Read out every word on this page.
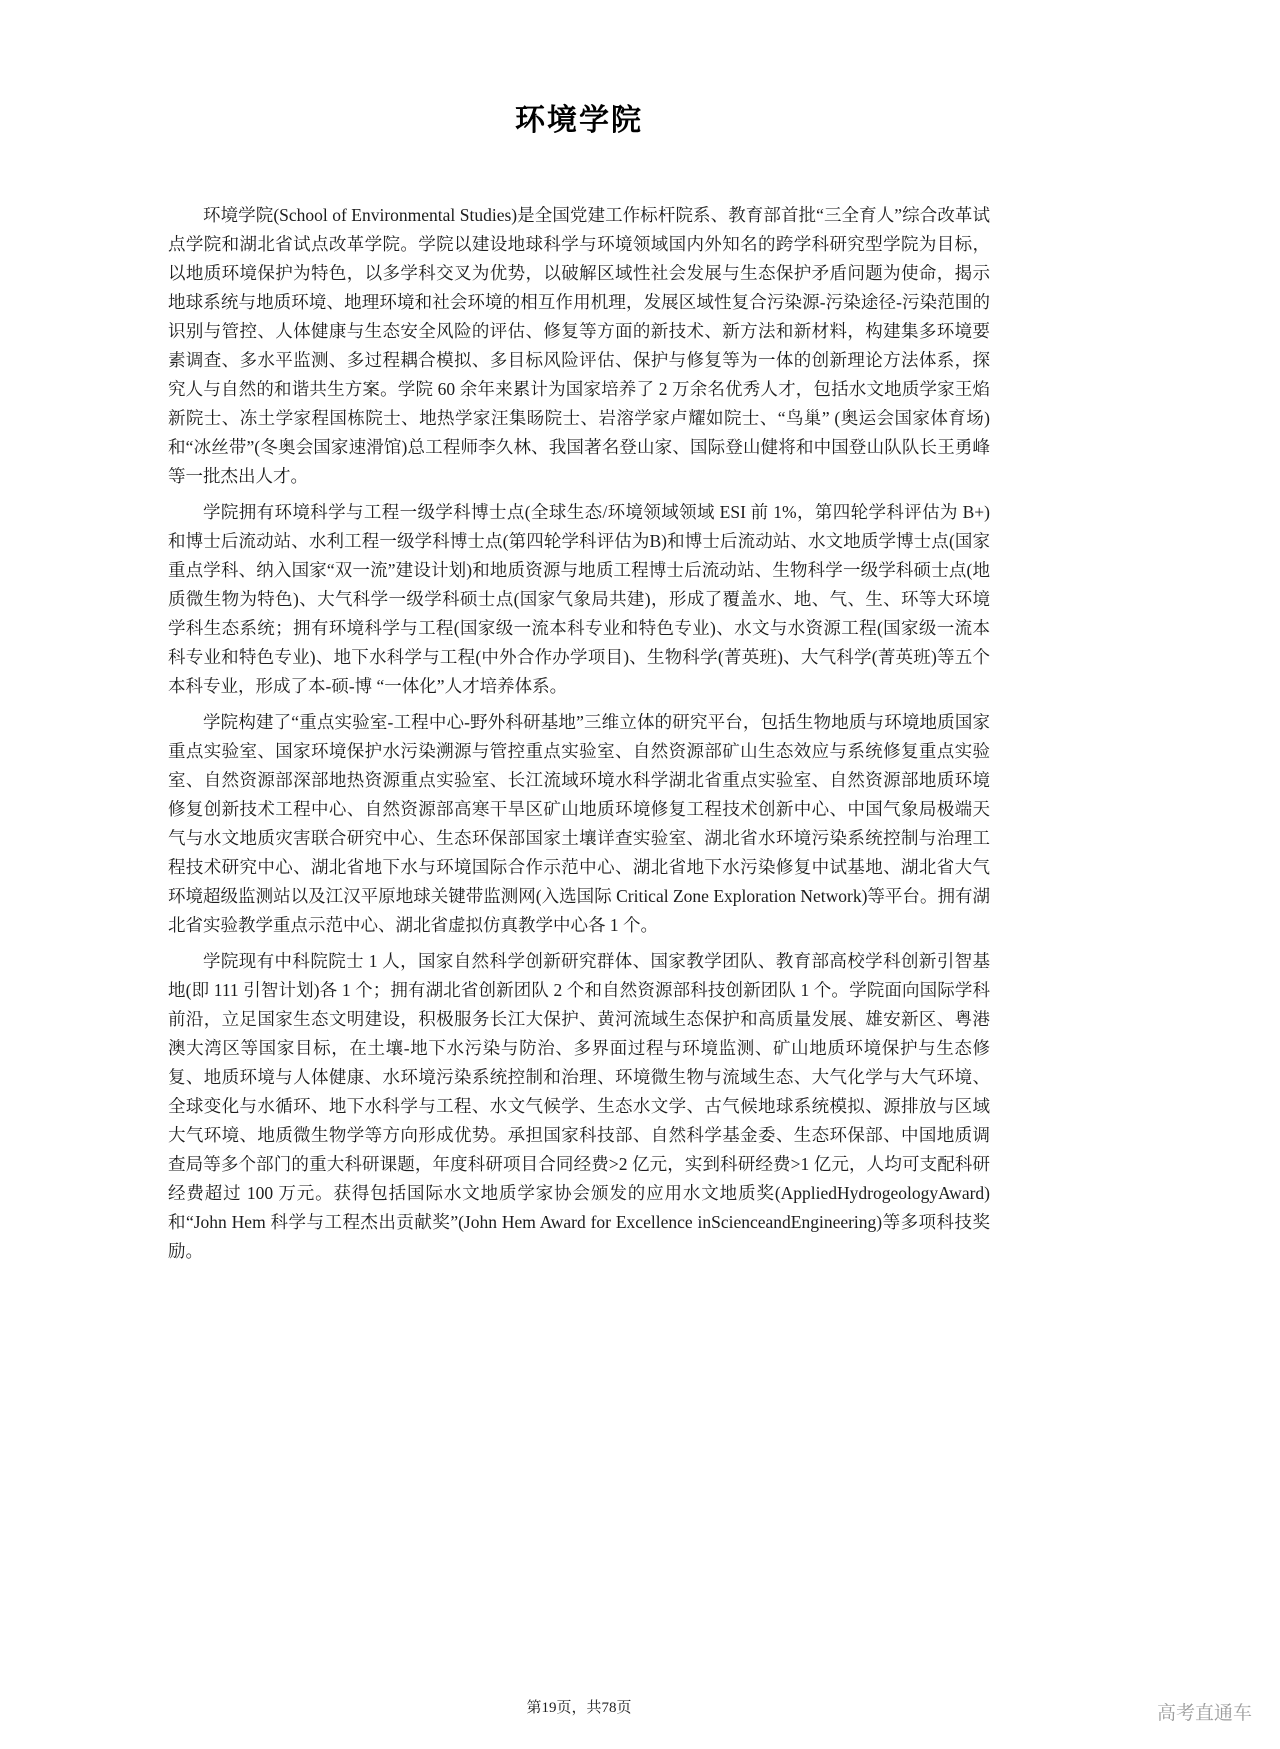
环境学院

环境学院(School of Environmental Studies)是全国党建工作标杆院系、教育部首批“三全育人”综合改革试点学院和湖北省试点改革学院。学院以建设地球科学与环境领域国内外知名的跨学科研究型学院为目标，以地质环境保护为特色，以多学科交叉为优势，以破解区域性社会发展与生态保护矛盾问题为使命，揭示地球系统与地质环境、地理环境和社会环境的相互作用机理，发展区域性复合污染源-污染途径-污染范围的识别与管控、人体健康与生态安全风险的评估、修复等方面的新技术、新方法和新材料，构建集多环境要素调查、多水平监测、多过程耦合模拟、多目标风险评估、保护与修复等为一体的创新理论方法体系，探究人与自然的和谐共生方案。学院 60 余年来累计为国家培养了 2 万余名优秀人才，包括水文地质学家王焰新院士、冻土学家程国栋院士、地热学家汪集旸院士、岩溶学家卢耀如院士、“鸟巢” (奥运会国家体育场)和“冰丝带”(冬奥会国家速滑馆)总工程师李久林、我国著名登山家、国际登山健将和中国登山队队长王勇峰等一批杰出人才。

学院拥有环境科学与工程一级学科博士点(全球生态/环境领域领域 ESI 前 1%，第四轮学科评估为 B+)和博士后流动站、水利工程一级学科博士点(第四轮学科评估为B)和博士后流动站、水文地质学博士点(国家重点学科、纳入国家“双一流”建设计划)和地质资源与地质工程博士后流动站、生物科学一级学科硕士点(地质微生物为特色)、大气科学一级学科硕士点(国家气象局共建)，形成了覆盖水、地、气、生、环等大环境学科生态系统；拥有环境科学与工程(国家级一流本科专业和特色专业)、水文与水资源工程(国家级一流本科专业和特色专业)、地下水科学与工程(中外合作办学项目)、生物科学(菁英班)、大气科学(菁英班)等五个本科专业，形成了本-硕-博 “一体化”人才培养体系。

学院构建了“重点实验室-工程中心-野外科研基地”三维立体的研究平台，包括生物地质与环境地质国家重点实验室、国家环境保护水污染溯源与管控重点实验室、自然资源部矿山生态效应与系统修复重点实验室、自然资源部深部地热资源重点实验室、长江流域环境水科学湖北省重点实验室、自然资源部地质环境修复创新技术工程中心、自然资源部高寒干旱区矿山地质环境修复工程技术创新中心、中国气象局极端天气与水文地质灾害联合研究中心、生态环保部国家土壤详查实验室、湖北省水环境污染系统控制与治理工程技术研究中心、湖北省地下水与环境国际合作示范中心、湖北省地下水污染修复中试基地、湖北省大气环境超级监测站以及江汉平原地球关键带监测网(入选国际 Critical Zone Exploration Network)等平台。拥有湖北省实验教学重点示范中心、湖北省虚拟仿真教学中心各 1 个。

学院现有中科院院士 1 人，国家自然科学创新研究群体、国家教学团队、教育部高校学科创新引智基地(即 111 引智计划)各 1 个；拥有湖北省创新团队 2 个和自然资源部科技创新团队 1 个。学院面向国际学科前沿，立足国家生态文明建设，积极服务长江大保护、黄河流域生态保护和高质量发展、雄安新区、粤港澳大湾区等国家目标，在土壤-地下水污染与防治、多界面过程与环境监测、矿山地质环境保护与生态修复、地质环境与人体健康、水环境污染系统控制和治理、环境微生物与流域生态、大气化学与大气环境、全球变化与水循环、地下水科学与工程、水文气候学、生态水文学、古气候地球系统模拟、源排放与区域大气环境、地质微生物学等方向形成优势。承担国家科技部、自然科学基金委、生态环保部、中国地质调查局等多个部门的重大科研课题，年度科研项目合同经费>2 亿元，实到科研经费>1 亿元，人均可支配科研经费超过 100 万元。获得包括国际水文地质学家协会颁发的应用水文地质奖(AppliedHydrogeologyAward)和“John Hem 科学与工程杰出贡献奖”(John Hem Award for Excellence inScienceandEngineering)等多项科技奖励。

第19页，共78页	高考直通车
